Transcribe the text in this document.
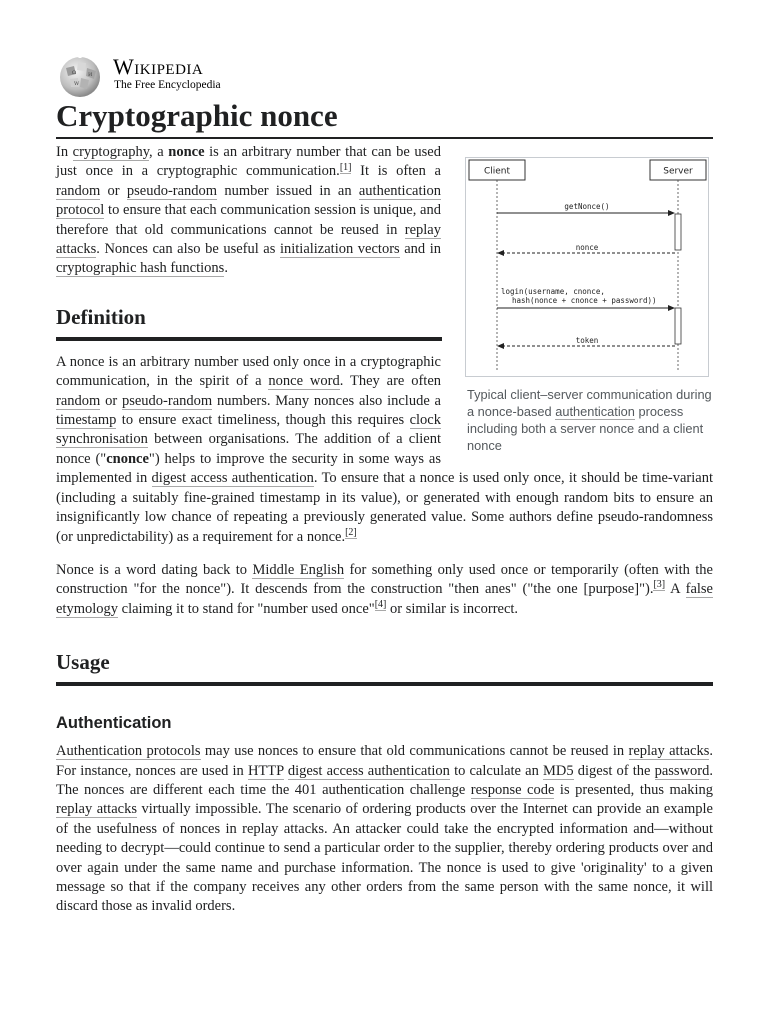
Ω И
W
Wikipedia
The Free Encyclopedia
Cryptographic nonce
Client	Server
getNonce()
nonce
login(username, cnonce,
hash(nonce + cnonce + password))
token
Typical client–server communication during a nonce-based authentication process including both a server nonce and a client nonce

In cryptography, a nonce is an arbitrary number that can be used just once in a cryptographic communication.[1] It is often a random or pseudo-random number issued in an authentication protocol to ensure that each communication session is unique, and therefore that old communications cannot be reused in replay attacks. Nonces can also be useful as initialization vectors and in cryptographic hash functions.

Definition

A nonce is an arbitrary number used only once in a cryptographic communication, in the spirit of a nonce word. They are often random or pseudo-random numbers. Many nonces also include a timestamp to ensure exact timeliness, though this requires clock synchronisation between organisations. The addition of a client nonce ("cnonce") helps to improve the security in some ways as implemented in digest access authentication. To ensure that a nonce is used only once, it should be time-variant (including a suitably fine-grained timestamp in its value), or generated with enough random bits to ensure an insignificantly low chance of repeating a previously generated value. Some authors define pseudo-randomness (or unpredictability) as a requirement for a nonce.[2]

Nonce is a word dating back to Middle English for something only used once or temporarily (often with the construction "for the nonce"). It descends from the construction "then anes" ("the one [purpose]").[3] A false etymology claiming it to stand for "number used once"[4] or similar is incorrect.

Usage
Authentication

Authentication protocols may use nonces to ensure that old communications cannot be reused in replay attacks. For instance, nonces are used in HTTP digest access authentication to calculate an MD5 digest of the password. The nonces are different each time the 401 authentication challenge response code is presented, thus making replay attacks virtually impossible. The scenario of ordering products over the Internet can provide an example of the usefulness of nonces in replay attacks. An attacker could take the encrypted information and—without needing to decrypt—could continue to send a particular order to the supplier, thereby ordering products over and over again under the same name and purchase information. The nonce is used to give 'originality' to a given message so that if the company receives any other orders from the same person with the same nonce, it will discard those as invalid orders.
